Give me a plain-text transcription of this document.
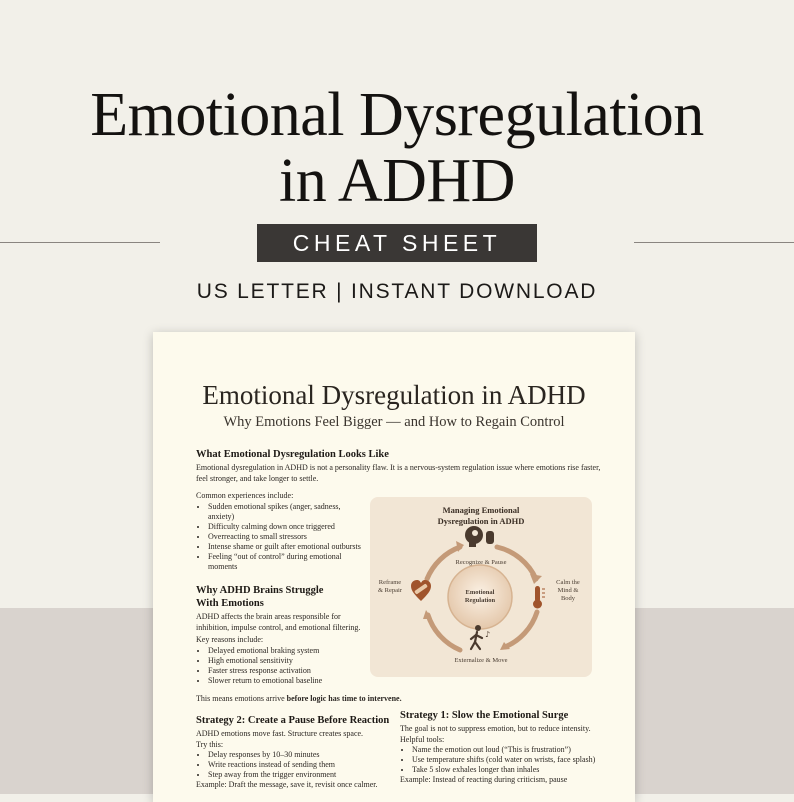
Emotional Dysregulation
in ADHD
CHEAT SHEET
US LETTER | INSTANT DOWNLOAD
Emotional Dysregulation in ADHD
Why Emotions Feel Bigger — and How to Regain Control
What Emotional Dysregulation Looks Like
Emotional dysregulation in ADHD is not a personality flaw. It is a nervous-system regulation issue where emotions rise faster, feel stronger, and take longer to settle.
Common experiences include:
• Sudden emotional spikes (anger, sadness, anxiety)
• Difficulty calming down once triggered
• Overreacting to small stressors
• Intense shame or guilt after emotional outbursts
• Feeling “out of control” during emotional moments
Why ADHD Brains Struggle
With Emotions
ADHD affects the brain areas responsible for inhibition, impulse control, and emotional filtering.
Key reasons include:
• Delayed emotional braking system
• High emotional sensitivity
• Faster stress response activation
• Slower return to emotional baseline
This means emotions arrive before logic has time to intervene.
Managing Emotional
Dysregulation in ADHD
♪
Emotional
Regulation
Recognize & Pause
Calm the
Mind &
Body
Externalize & Move
Reframe
& Repair
Strategy 2: Create a Pause Before Reaction
ADHD emotions move fast. Structure creates space.
Try this:
• Delay responses by 10–30 minutes
• Write reactions instead of sending them
• Step away from the trigger environment
Example: Draft the message, save it, revisit once calmer.
Strategy 1: Slow the Emotional Surge
The goal is not to suppress emotion, but to reduce intensity.
Helpful tools:
• Name the emotion out loud (“This is frustration”)
• Use temperature shifts (cold water on wrists, face splash)
• Take 5 slow exhales longer than inhales
Example: Instead of reacting during criticism, pause
